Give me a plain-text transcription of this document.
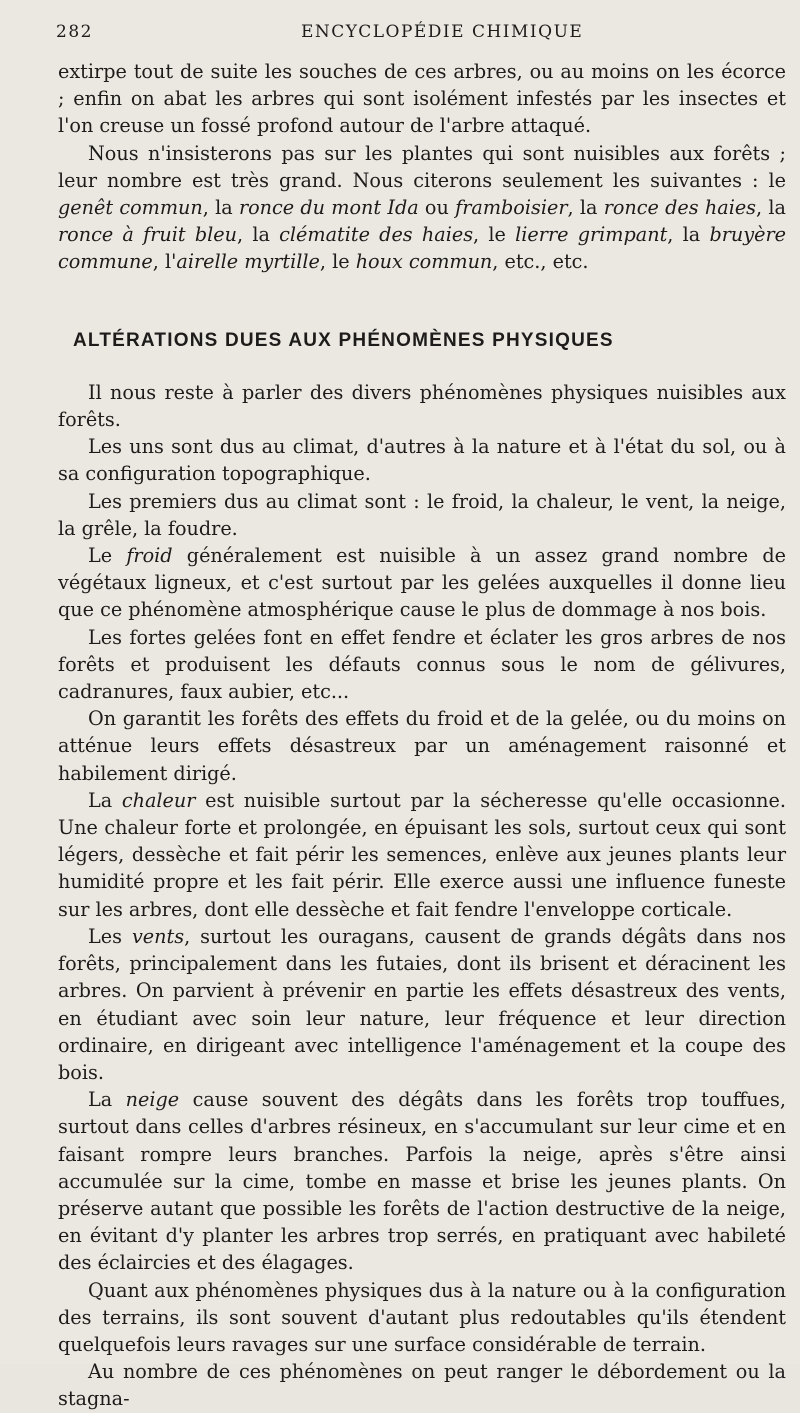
282	ENCYCLOPÉDIE CHIMIQUE

extirpe tout de suite les souches de ces arbres, ou au moins on les écorce ; enfin on abat les arbres qui sont isolément infestés par les insectes et l'on creuse un fossé profond autour de l'arbre attaqué.

Nous n'insisterons pas sur les plantes qui sont nuisibles aux forêts ; leur nombre est très grand. Nous citerons seulement les suivantes : le genêt commun, la ronce du mont Ida ou framboisier, la ronce des haies, la ronce à fruit bleu, la clématite des haies, le lierre grimpant, la bruyère commune, l'airelle myrtille, le houx commun, etc., etc.

ALTÉRATIONS DUES AUX PHÉNOMÈNES PHYSIQUES

Il nous reste à parler des divers phénomènes physiques nuisibles aux forêts.

Les uns sont dus au climat, d'autres à la nature et à l'état du sol, ou à sa configuration topographique.

Les premiers dus au climat sont : le froid, la chaleur, le vent, la neige, la grêle, la foudre.

Le froid généralement est nuisible à un assez grand nombre de végétaux ligneux, et c'est surtout par les gelées auxquelles il donne lieu que ce phénomène atmosphérique cause le plus de dommage à nos bois.

Les fortes gelées font en effet fendre et éclater les gros arbres de nos forêts et produisent les défauts connus sous le nom de gélivures, cadranures, faux aubier, etc...

On garantit les forêts des effets du froid et de la gelée, ou du moins on atténue leurs effets désastreux par un aménagement raisonné et habilement dirigé.

La chaleur est nuisible surtout par la sécheresse qu'elle occasionne. Une chaleur forte et prolongée, en épuisant les sols, surtout ceux qui sont légers, dessèche et fait périr les semences, enlève aux jeunes plants leur humidité propre et les fait périr. Elle exerce aussi une influence funeste sur les arbres, dont elle dessèche et fait fendre l'enveloppe corticale.

Les vents, surtout les ouragans, causent de grands dégâts dans nos forêts, principalement dans les futaies, dont ils brisent et déracinent les arbres. On parvient à prévenir en partie les effets désastreux des vents, en étudiant avec soin leur nature, leur fréquence et leur direction ordinaire, en dirigeant avec intelligence l'aménagement et la coupe des bois.

La neige cause souvent des dégâts dans les forêts trop touffues, surtout dans celles d'arbres résineux, en s'accumulant sur leur cime et en faisant rompre leurs branches. Parfois la neige, après s'être ainsi accumulée sur la cime, tombe en masse et brise les jeunes plants. On préserve autant que possible les forêts de l'action destructive de la neige, en évitant d'y planter les arbres trop serrés, en pratiquant avec habileté des éclaircies et des élagages.

Quant aux phénomènes physiques dus à la nature ou à la configuration des terrains, ils sont souvent d'autant plus redoutables qu'ils étendent quelquefois leurs ravages sur une surface considérable de terrain.

Au nombre de ces phénomènes on peut ranger le débordement ou la stagna-
